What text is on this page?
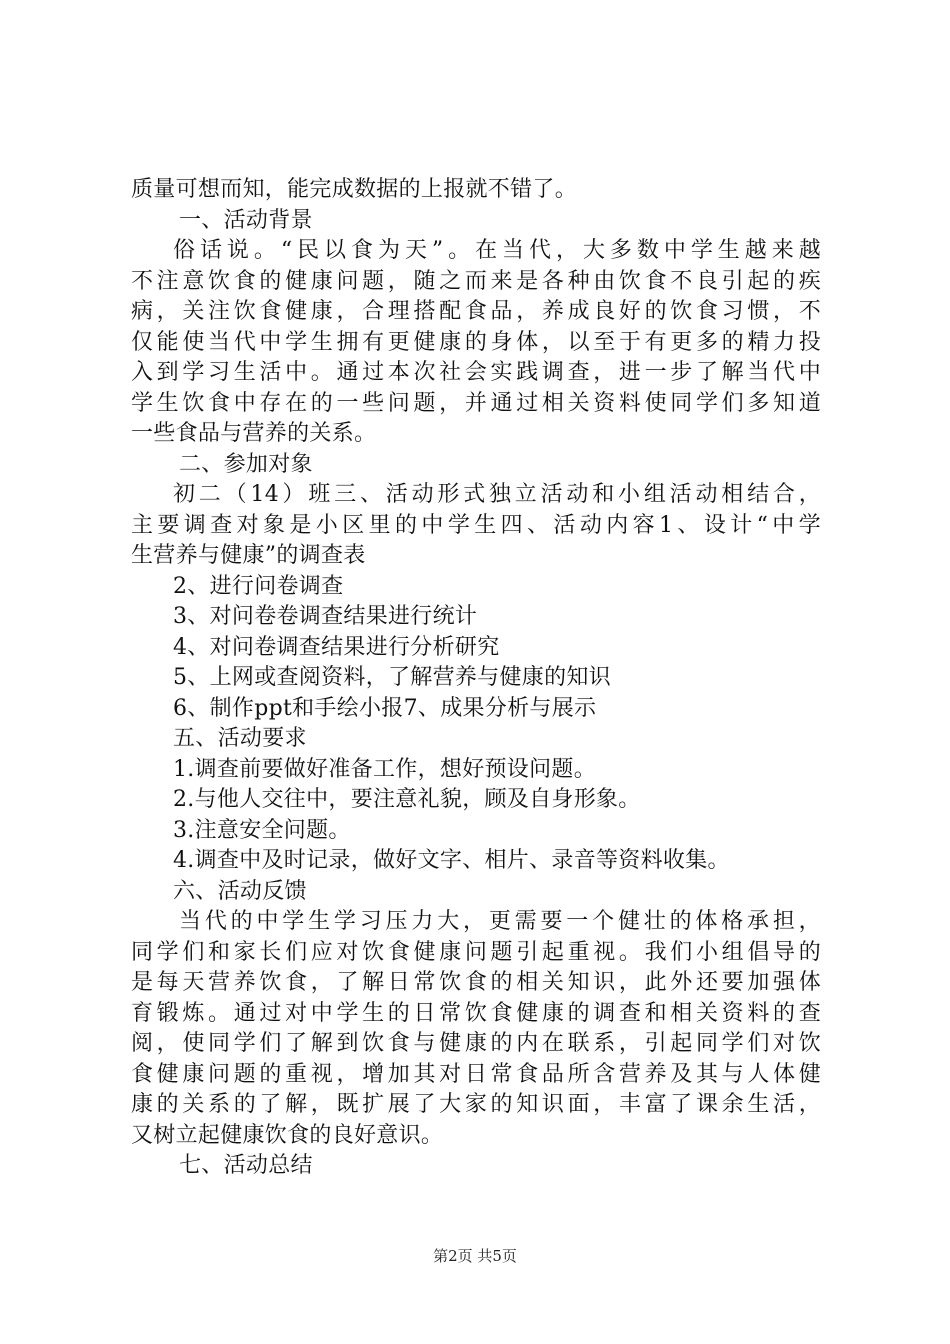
质量可想而知，能完成数据的上报就不错了。
一、活动背景
俗话说。“民以食为天”。在当代，大多数中学生越来越
不注意饮食的健康问题，随之而来是各种由饮食不良引起的疾
病，关注饮食健康，合理搭配食品，养成良好的饮食习惯，不
仅能使当代中学生拥有更健康的身体，以至于有更多的精力投
入到学习生活中。通过本次社会实践调查，进一步了解当代中
学生饮食中存在的一些问题，并通过相关资料使同学们多知道
一些食品与营养的关系。
二、参加对象
初二（14）班三、活动形式独立活动和小组活动相结合，
主要调查对象是小区里的中学生四、活动内容1、设计“中学
生营养与健康”的调查表
2、进行问卷调查
3、对问卷卷调查结果进行统计
4、对问卷调查结果进行分析研究
5、上网或查阅资料，了解营养与健康的知识
6、制作ppt和手绘小报7、成果分析与展示
五、活动要求
1.调查前要做好准备工作，想好预设问题。
2.与他人交往中，要注意礼貌，顾及自身形象。
3.注意安全问题。
4.调查中及时记录，做好文字、相片、录音等资料收集。
六、活动反馈
当代的中学生学习压力大，更需要一个健壮的体格承担，
同学们和家长们应对饮食健康问题引起重视。我们小组倡导的
是每天营养饮食，了解日常饮食的相关知识，此外还要加强体
育锻炼。通过对中学生的日常饮食健康的调查和相关资料的查
阅，使同学们了解到饮食与健康的内在联系，引起同学们对饮
食健康问题的重视，增加其对日常食品所含营养及其与人体健
康的关系的了解，既扩展了大家的知识面，丰富了课余生活，
又树立起健康饮食的良好意识。
七、活动总结
第2页 共5页
